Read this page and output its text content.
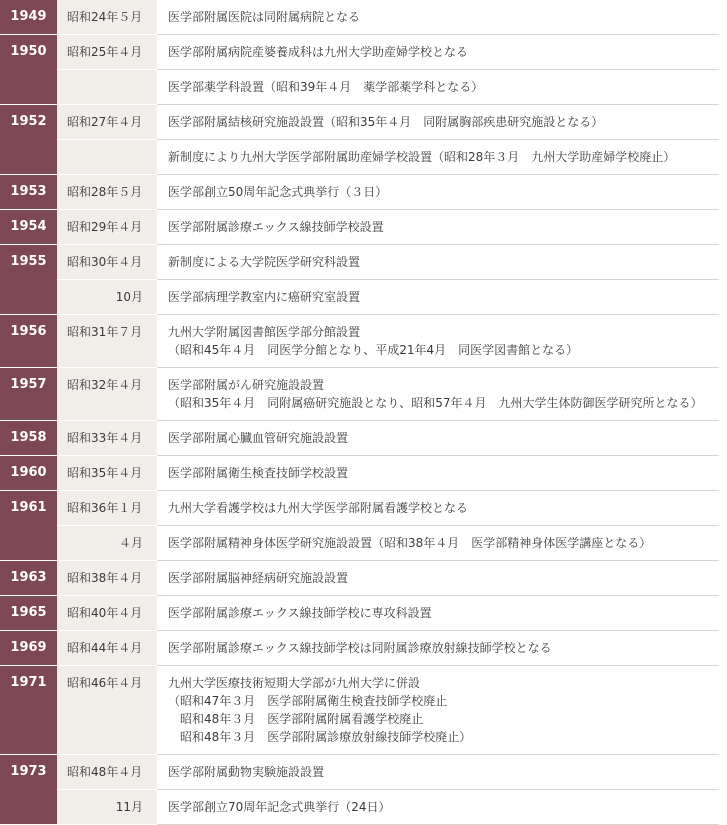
1949	昭和24年５月	医学部附属医院は同附属病院となる

1950	昭和25年４月	医学部附属病院産婆養成科は九州大学助産婦学校となる

		医学部薬学科設置（昭和39年４月　薬学部薬学科となる）

1952	昭和27年４月	医学部附属結核研究施設設置（昭和35年４月　同附属胸部疾患研究施設となる）

		新制度により九州大学医学部附属助産婦学校設置（昭和28年３月　九州大学助産婦学校廃止）

1953	昭和28年５月	医学部創立50周年記念式典挙行（３日）

1954	昭和29年４月	医学部附属診療エックス線技師学校設置

1955	昭和30年４月	新制度による大学院医学研究科設置

	10月	医学部病理学教室内に癌研究室設置

1956	昭和31年７月	九州大学附属図書館医学部分館設置
（昭和45年４月　同医学分館となり、平成21年4月　同医学図書館となる）

1957	昭和32年４月	医学部附属がん研究施設設置
（昭和35年４月　同附属癌研究施設となり、昭和57年４月　九州大学生体防御医学研究所となる）

1958	昭和33年４月	医学部附属心臓血管研究施設設置

1960	昭和35年４月	医学部附属衛生検査技師学校設置

1961	昭和36年１月	九州大学看護学校は九州大学医学部附属看護学校となる

	４月	医学部附属精神身体医学研究施設設置（昭和38年４月　医学部精神身体医学講座となる）

1963	昭和38年４月	医学部附属脳神経病研究施設設置

1965	昭和40年４月	医学部附属診療エックス線技師学校に専攻科設置

1969	昭和44年４月	医学部附属診療エックス線技師学校は同附属診療放射線技師学校となる

1971	昭和46年４月	九州大学医療技術短期大学部が九州大学に併設
（昭和47年３月　医学部附属衛生検査技師学校廃止
　昭和48年３月　医学部附属附属看護学校廃止
　昭和48年３月　医学部附属診療放射線技師学校廃止）

1973	昭和48年４月	医学部附属動物実験施設設置

	11月	医学部創立70周年記念式典挙行（24日）
